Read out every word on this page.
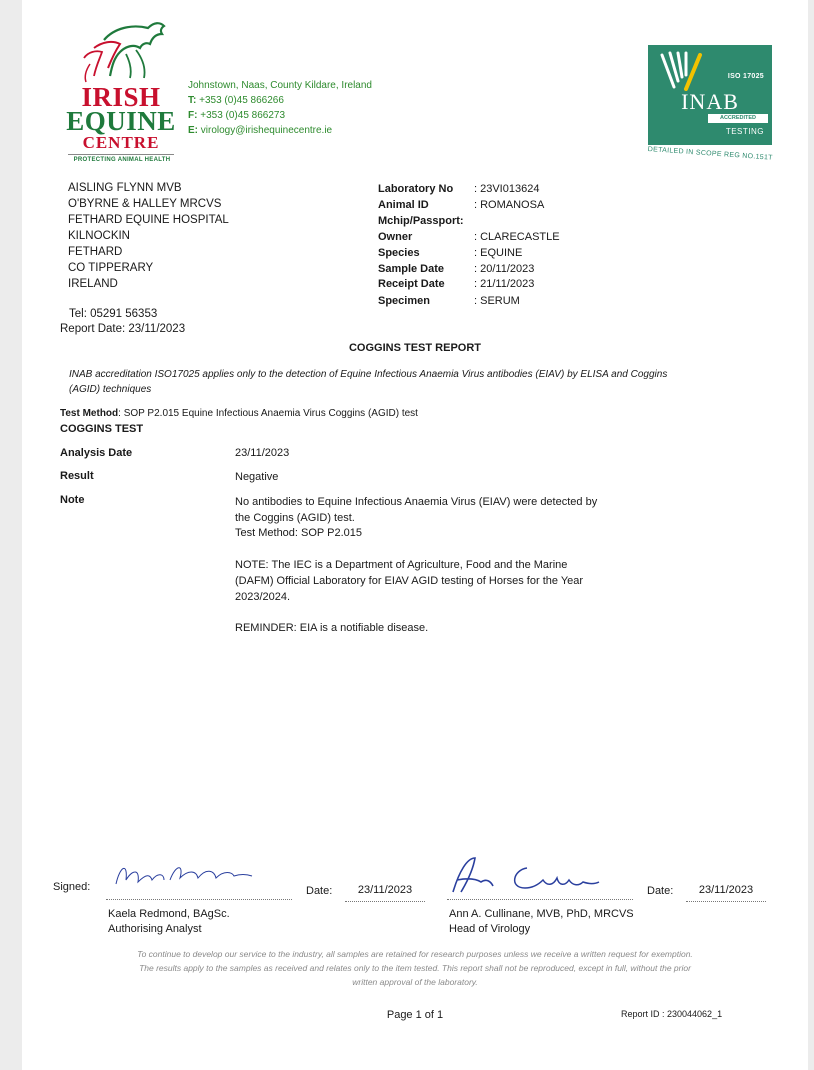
IRISH
EQUINE
CENTRE
PROTECTING ANIMAL HEALTH
Johnstown, Naas, County Kildare, Ireland
T: +353 (0)45 866266
F: +353 (0)45 866273
E: virology@irishequinecentre.ie
ISO 17025
INAB
ACCREDITED
TESTING
DETAILED IN SCOPE REG NO.151T
AISLING FLYNN MVB
O'BYRNE & HALLEY MRCVS
FETHARD EQUINE HOSPITAL
KILNOCKIN
FETHARD
CO TIPPERARY
IRELAND
Tel: 05291 56353
Report Date: 23/11/2023
Laboratory No	: 23VI013624
Animal ID	: ROMANOSA
Mchip/Passport:
Owner	: CLARECASTLE
Species	: EQUINE
Sample Date	: 20/11/2023
Receipt Date	: 21/11/2023
Specimen	: SERUM
COGGINS TEST REPORT
INAB accreditation ISO17025 applies only to the detection of Equine Infectious Anaemia Virus antibodies (EIAV) by ELISA and Coggins (AGID) techniques
Test Method: SOP P2.015 Equine Infectious Anaemia Virus Coggins (AGID) test
COGGINS TEST
Analysis Date	23/11/2023
Result	Negative
Note	No antibodies to Equine Infectious Anaemia Virus (EIAV) were detected by
the Coggins (AGID) test.
Test Method: SOP P2.015
NOTE: The IEC is a Department of Agriculture, Food and the Marine
(DAFM) Official Laboratory for EIAV AGID testing of Horses for the Year
2023/2024.
REMINDER: EIA is a notifiable disease.
Signed:	Date:	23/11/2023	Date:	23/11/2023
Kaela Redmond, BAgSc.
Authorising Analyst
Ann A. Cullinane, MVB, PhD, MRCVS
Head of Virology
To continue to develop our service to the industry, all samples are retained for research purposes unless we receive a written request for exemption.
The results apply to the samples as received and relates only to the item tested. This report shall not be reproduced, except in full, without the prior
written approval of the laboratory.
Page 1 of 1	Report ID : 230044062_1
